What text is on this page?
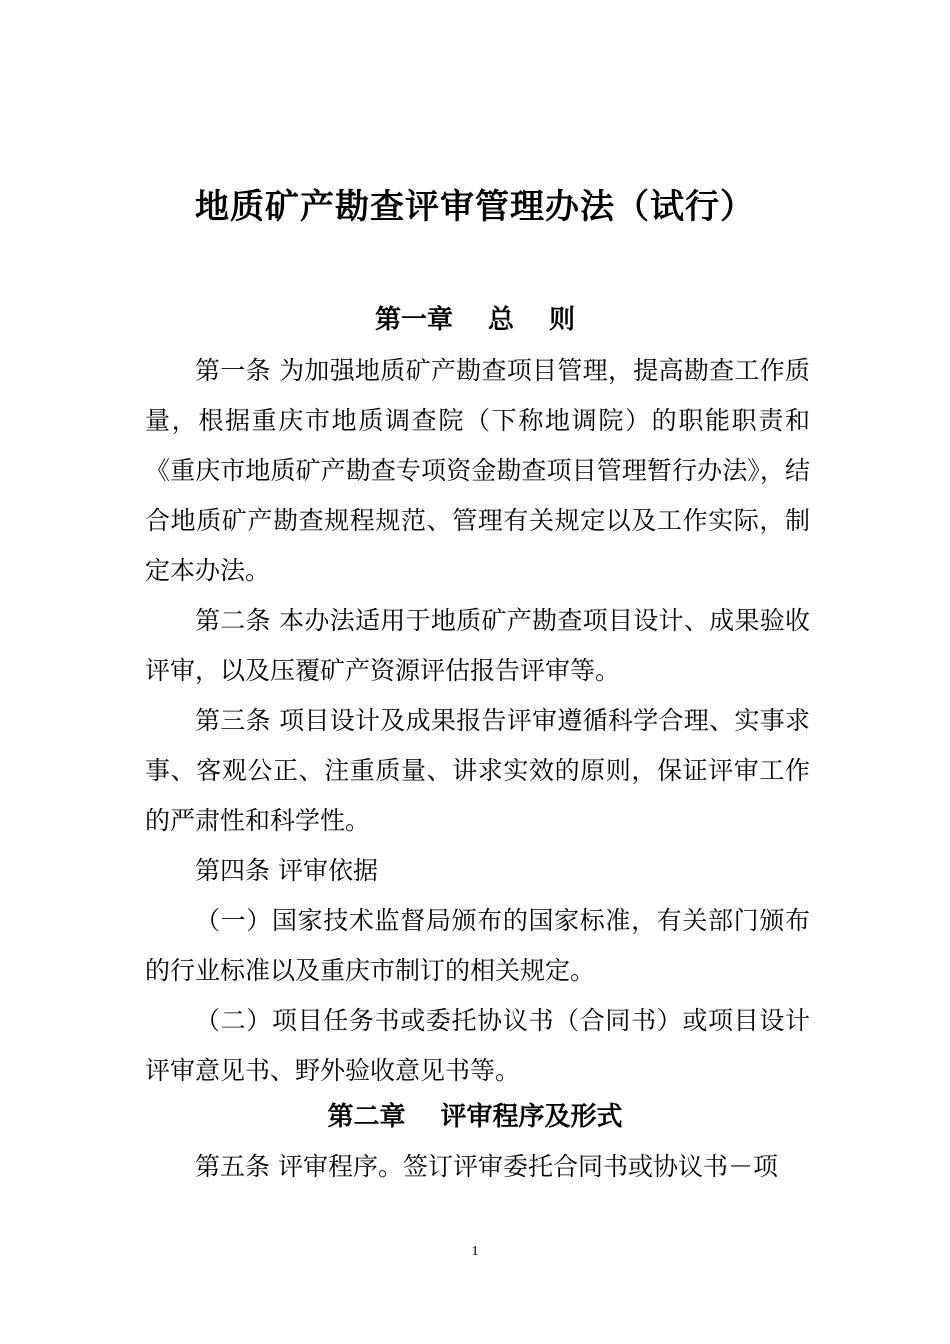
地质矿产勘查评审管理办法（试行）
第一章　 总　 则
第一条 为加强地质矿产勘查项目管理，提高勘查工作质量，根据重庆市地质调查院（下称地调院）的职能职责和《重庆市地质矿产勘查专项资金勘查项目管理暂行办法》，结合地质矿产勘查规程规范、管理有关规定以及工作实际，制定本办法。
第二条 本办法适用于地质矿产勘查项目设计、成果验收评审，以及压覆矿产资源评估报告评审等。
第三条 项目设计及成果报告评审遵循科学合理、实事求事、客观公正、注重质量、讲求实效的原则，保证评审工作的严肃性和科学性。
第四条 评审依据
（一）国家技术监督局颁布的国家标准，有关部门颁布的行业标准以及重庆市制订的相关规定。
（二）项目任务书或委托协议书（合同书）或项目设计评审意见书、野外验收意见书等。
第二章　 评审程序及形式
第五条 评审程序。签订评审委托合同书或协议书－项
1
